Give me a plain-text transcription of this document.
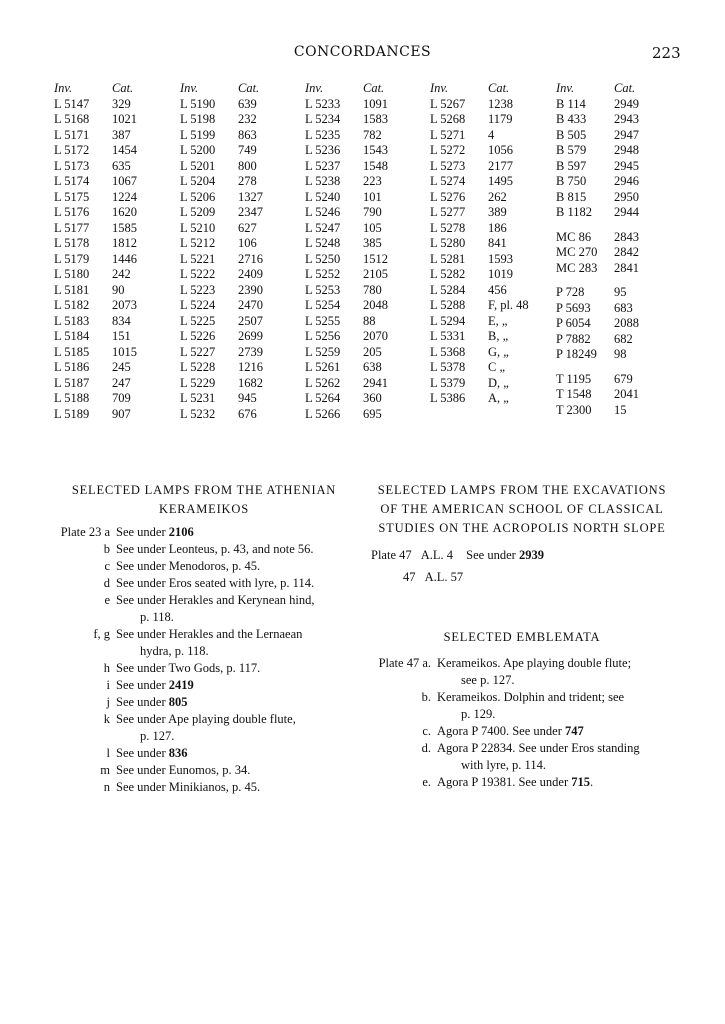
CONCORDANCES	223
Inv.	Cat.
L 5147 329
L 5168 1021
L 5171 387
L 5172 1454
L 5173 635
L 5174 1067
L 5175 1224
L 5176 1620
L 5177 1585
L 5178 1812
L 5179 1446
L 5180 242
L 5181 90
L 5182 2073
L 5183 834
L 5184 151
L 5185 1015
L 5186 245
L 5187 247
L 5188 709
L 5189 907
Inv.	Cat.
L 5190 639
L 5198 232
L 5199 863
L 5200 749
L 5201 800
L 5204 278
L 5206 1327
L 5209 2347
L 5210 627
L 5212 106
L 5221 2716
L 5222 2409
L 5223 2390
L 5224 2470
L 5225 2507
L 5226 2699
L 5227 2739
L 5228 1216
L 5229 1682
L 5231 945
L 5232 676
Inv.	Cat.
L 5233 1091
L 5234 1583
L 5235 782
L 5236 1543
L 5237 1548
L 5238 223
L 5240 101
L 5246 790
L 5247 105
L 5248 385
L 5250 1512
L 5252 2105
L 5253 780
L 5254 2048
L 5255 88
L 5256 2070
L 5259 205
L 5261 638
L 5262 2941
L 5264 360
L 5266 695
Inv.	Cat.
L 5267 1238
L 5268 1179
L 5271 4
L 5272 1056
L 5273 2177
L 5274 1495
L 5276 262
L 5277 389
L 5278 186
L 5280 841
L 5281 1593
L 5282 1019
L 5284 456
L 5288 F, pl. 48
L 5294 E, „
L 5331 B, „
L 5368 G, „
L 5378 C „
L 5379 D, „
L 5386 A, „
Inv.	Cat.
B 114 2949
B 433 2943
B 505 2947
B 579 2948
B 597 2945
B 750 2946
B 815 2950
B 1182 2944
MC 86 2843
MC 270 2842
MC 283 2841
P 728 95
P 5693 683
P 6054 2088
P 7882 682
P 18249 98
T 1195 679
T 1548 2041
T 2300 15
SELECTED LAMPS FROM THE ATHENIAN
KERAMEIKOS
Plate 23 a See under 2106
b See under Leonteus, p. 43, and note 56.
c See under Menodoros, p. 45.
d See under Eros seated with lyre, p. 114.
e See under Herakles and Kerynean hind,
p. 118.
f, g See under Herakles and the Lernaean
hydra, p. 118.
h See under Two Gods, p. 117.
i See under 2419
j See under 805
k See under Ape playing double flute,
p. 127.
l See under 836
m See under Eunomos, p. 34.
n See under Minikianos, p. 45.
SELECTED LAMPS FROM THE EXCAVATIONS
OF THE AMERICAN SCHOOL OF CLASSICAL
STUDIES ON THE ACROPOLIS NORTH SLOPE
Plate 47 A.L. 4 See under 2939
47 A.L. 57
SELECTED EMBLEMATA
Plate 47 a. Kerameikos. Ape playing double flute;
see p. 127.
b. Kerameikos. Dolphin and trident; see
p. 129.
c. Agora P 7400. See under 747
d. Agora P 22834. See under Eros standing
with lyre, p. 114.
e. Agora P 19381. See under 715.
